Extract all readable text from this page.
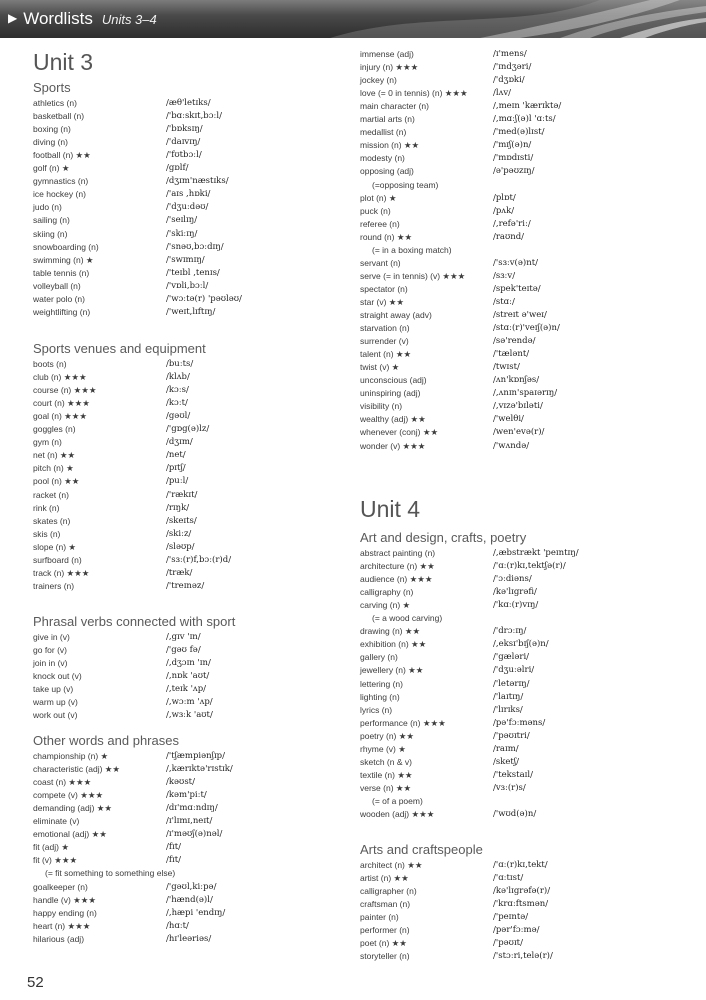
▶ Wordlists Units 3–4
Unit 3
Sports
athletics (n)	/æθ'letɪks/
basketball (n)	/'bɑːskɪt,bɔːl/
boxing (n)	/'bɒksɪŋ/
diving (n)	/'daɪvɪŋ/
football (n) ★★	/'fʊtbɔːl/
golf (n) ★	/gɒlf/
gymnastics (n)	/dʒɪm'næstɪks/
ice hockey (n)	/'aɪs ,hɒki/
judo (n)	/'dʒuːdəʊ/
sailing (n)	/'seɪlɪŋ/
skiing (n)	/'skiːɪŋ/
snowboarding (n)	/'snəʊ,bɔːdɪŋ/
swimming (n) ★	/'swɪmɪŋ/
table tennis (n)	/'teɪbl ,tenɪs/
volleyball (n)	/'vɒli,bɔːl/
water polo (n)	/'wɔːtə(r) 'pəʊləʊ/
weightlifting (n)	/'weɪt,lɪftɪŋ/
Sports venues and equipment
boots (n)	/buːts/
club (n) ★★★	/klʌb/
course (n) ★★★	/kɔːs/
court (n) ★★★	/kɔːt/
goal (n) ★★★	/gəʊl/
goggles (n)	/'gɒg(ə)lz/
gym (n)	/dʒɪm/
net (n) ★★	/net/
pitch (n) ★	/pɪtʃ/
pool (n) ★★	/puːl/
racket (n)	/'rækɪt/
rink (n)	/rɪŋk/
skates (n)	/skeɪts/
skis (n)	/skiːz/
slope (n) ★	/sləʊp/
surfboard (n)	/'sɜː(r)f,bɔː(r)d/
track (n) ★★★	/træk/
trainers (n)	/'treɪnəz/
Phrasal verbs connected with sport
give in (v)	/,gɪv 'ɪn/
go for (v)	/'gəʊ fə/
join in (v)	/,dʒɔɪn 'ɪn/
knock out (v)	/,nɒk 'aʊt/
take up (v)	/,teɪk 'ʌp/
warm up (v)	/,wɔːm 'ʌp/
work out (v)	/,wɜːk 'aʊt/
Other words and phrases
championship (n) ★	/'tʃæmpiənʃɪp/
characteristic (adj) ★★	/,kærɪktə'rɪstɪk/
coast (n) ★★★	/kəʊst/
compete (v) ★★★	/kəm'piːt/
demanding (adj) ★★	/dɪ'mɑːndɪŋ/
eliminate (v)	/ɪ'lɪmɪ,neɪt/
emotional (adj) ★★	/ɪ'məʊʃ(ə)nəl/
fit (adj) ★	/fɪt/
fit (v) ★★★	/fɪt/
(= fit something to something else)
goalkeeper (n)	/'gəʊl,kiːpə/
handle (v) ★★★	/'hænd(ə)l/
happy ending (n)	/,hæpi 'endɪŋ/
heart (n) ★★★	/hɑːt/
hilarious (adj)	/hɪ'leəriəs/
immense (adj)	/ɪ'mens/
injury (n) ★★★	/'ɪndʒəri/
jockey (n)	/'dʒɒki/
love (= 0 in tennis) (n) ★★★	/lʌv/
main character (n)	/,meɪn 'kærɪktə/
martial arts (n)	/,mɑːʃ(ə)l 'ɑːts/
medallist (n)	/'med(ə)lɪst/
mission (n) ★★	/'mɪʃ(ə)n/
modesty (n)	/'mɒdɪsti/
opposing (adj)	/ə'pəʊzɪŋ/
(=opposing team)
plot (n) ★	/plɒt/
puck (n)	/pʌk/
referee (n)	/,refə'riː/
round (n) ★★	/raʊnd/
(= in a boxing match)
servant (n)	/'sɜːv(ə)nt/
serve (= in tennis) (v) ★★★	/sɜːv/
spectator (n)	/spek'teɪtə/
star (v) ★★	/stɑː/
straight away (adv)	/streɪt ə'weɪ/
starvation (n)	/stɑː(r)'veɪʃ(ə)n/
surrender (v)	/sə'rendə/
talent (n) ★★	/'tælənt/
twist (v) ★	/twɪst/
unconscious (adj)	/ʌn'kɒnʃəs/
uninspiring (adj)	/,ʌnɪn'spaɪərɪŋ/
visibility (n)	/,vɪzə'bɪləti/
wealthy (adj) ★★	/'welθi/
whenever (conj) ★★	/wen'evə(r)/
wonder (v) ★★★	/'wʌndə/
Unit 4
Art and design, crafts, poetry
abstract painting (n)	/,æbstrækt 'peɪntɪŋ/
architecture (n) ★★	/'ɑː(r)kɪ,tektʃə(r)/
audience (n) ★★★	/'ɔːdiəns/
calligraphy (n)	/kə'lɪgrəfi/
carving (n) ★	/'kɑː(r)vɪŋ/
(= a wood carving)
drawing (n) ★★	/'drɔːɪŋ/
exhibition (n) ★★	/,eksɪ'bɪʃ(ə)n/
gallery (n)	/'gæləri/
jewellery (n) ★★	/'dʒuːəlri/
lettering (n)	/'letərɪŋ/
lighting (n)	/'laɪtɪŋ/
lyrics (n)	/'lɪrɪks/
performance (n) ★★★	/pə'fɔːməns/
poetry (n) ★★	/'pəʊɪtri/
rhyme (v) ★	/raɪm/
sketch (n & v)	/sketʃ/
textile (n) ★★	/'tekstaɪl/
verse (n) ★★	/vɜː(r)s/
(= of a poem)
wooden (adj) ★★★	/'wʊd(ə)n/
Arts and craftspeople
architect (n) ★★	/'ɑː(r)kɪ,tekt/
artist (n) ★★	/'ɑːtɪst/
calligrapher (n)	/kə'lɪgrəfə(r)/
craftsman (n)	/'krɑːftsmən/
painter (n)	/'peɪntə/
performer (n)	/pər'fɔːmə/
poet (n) ★★	/'pəʊɪt/
storyteller (n)	/'stɔːri,telə(r)/
52
